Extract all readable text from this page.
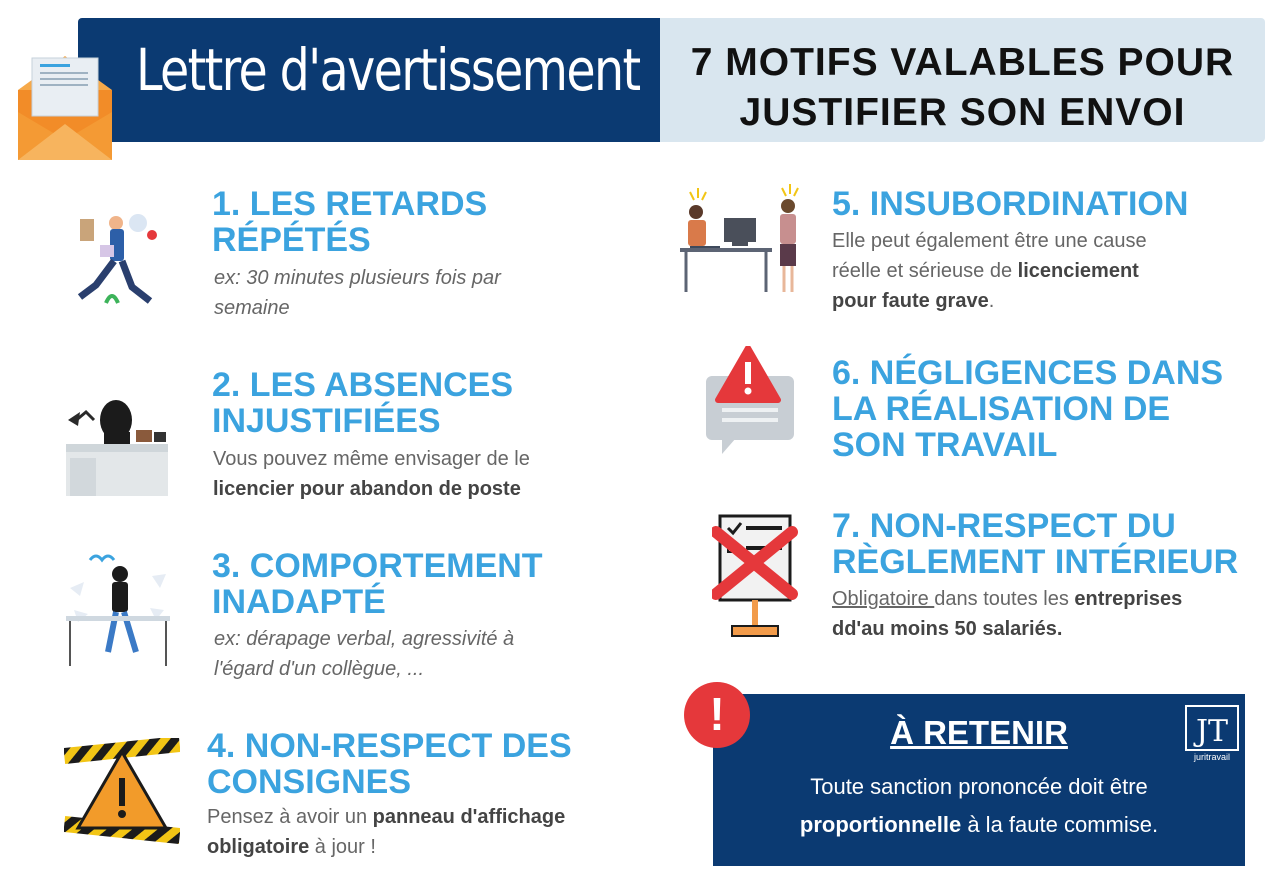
Lettre d'avertissement	7 MOTIFS VALABLES POUR
JUSTIFIER SON ENVOI
1. LES RETARDS
RÉPÉTÉS
ex: 30 minutes plusieurs fois par
semaine
2. LES ABSENCES
INJUSTIFIÉES
Vous pouvez même envisager de le
licencier pour abandon de poste
3. COMPORTEMENT
INADAPTÉ
ex: dérapage verbal, agressivité à
l'égard d'un collègue, ...
4. NON-RESPECT DES
CONSIGNES
Pensez à avoir un panneau d'affichage
obligatoire à jour !
5. INSUBORDINATION
Elle peut également être une cause
réelle et sérieuse de licenciement
pour faute grave.
6. NÉGLIGENCES DANS
LA RÉALISATION DE
SON TRAVAIL
7. NON-RESPECT DU
RÈGLEMENT INTÉRIEUR
Obligatoire dans toutes les entreprises
dd'au moins 50 salariés.
!	À RETENIR
Toute sanction prononcée doit être
proportionnelle à la faute commise.
JT
juritravail
